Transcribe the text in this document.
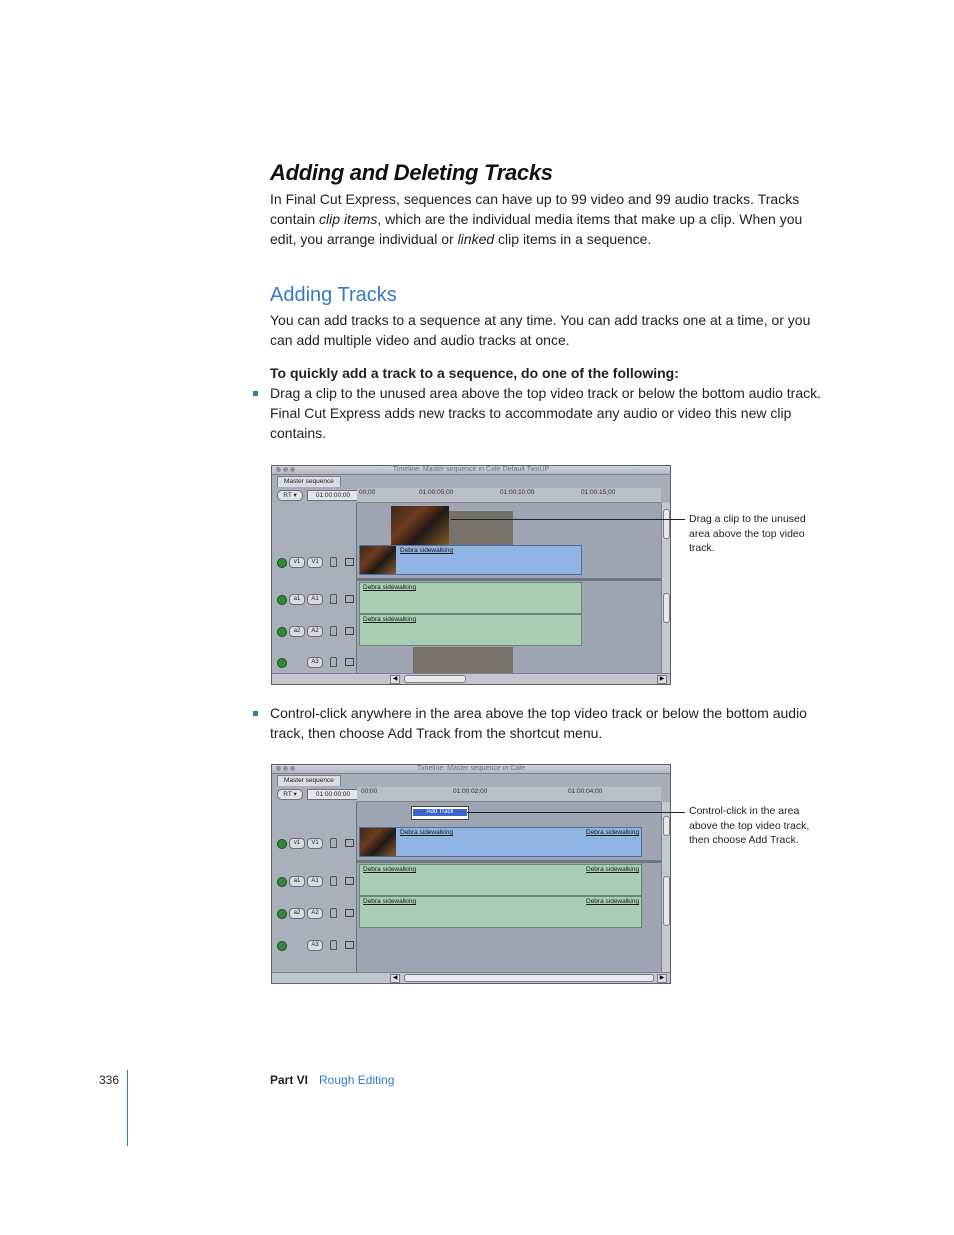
Adding and Deleting Tracks
In Final Cut Express, sequences can have up to 99 video and 99 audio tracks. Tracks contain clip items, which are the individual media items that make up a clip. When you edit, you arrange individual or linked clip items in a sequence.
Adding Tracks
You can add tracks to a sequence at any time. You can add tracks one at a time, or you can add multiple video and audio tracks at once.
To quickly add a track to a sequence, do one of the following:
Drag a clip to the unused area above the top video track or below the bottom audio track. Final Cut Express adds new tracks to accommodate any audio or video this new clip contains.
Timeline: Master sequence in Cafe Default TwoUP
Master sequence
RT ▾	01:00:00;00	00;00	01:00:05;00	01:00:10;00	01:00:15;00
v1	V1
a1	A1
a2	A2
A3
Debra sidewalking
Debra sidewalking
Debra sidewalking
◀	▶
Drag a clip to the unused area above the top video track.
Control-click anywhere in the area above the top video track or below the bottom audio track, then choose Add Track from the shortcut menu.
Timeline: Master sequence in Cafe
Master sequence
RT ▾	01:00:00;00	00;00	01:00:02;00	01:00:04;00
v1	V1
a1	A1
a2	A2
A3
Add Track
Debra sidewalking	Debra sidewalking
Debra sidewalking	Debra sidewalking
Debra sidewalking	Debra sidewalking
◀	▶
Control-click in the area above the top video track, then choose Add Track.
336	Part VI Rough Editing
